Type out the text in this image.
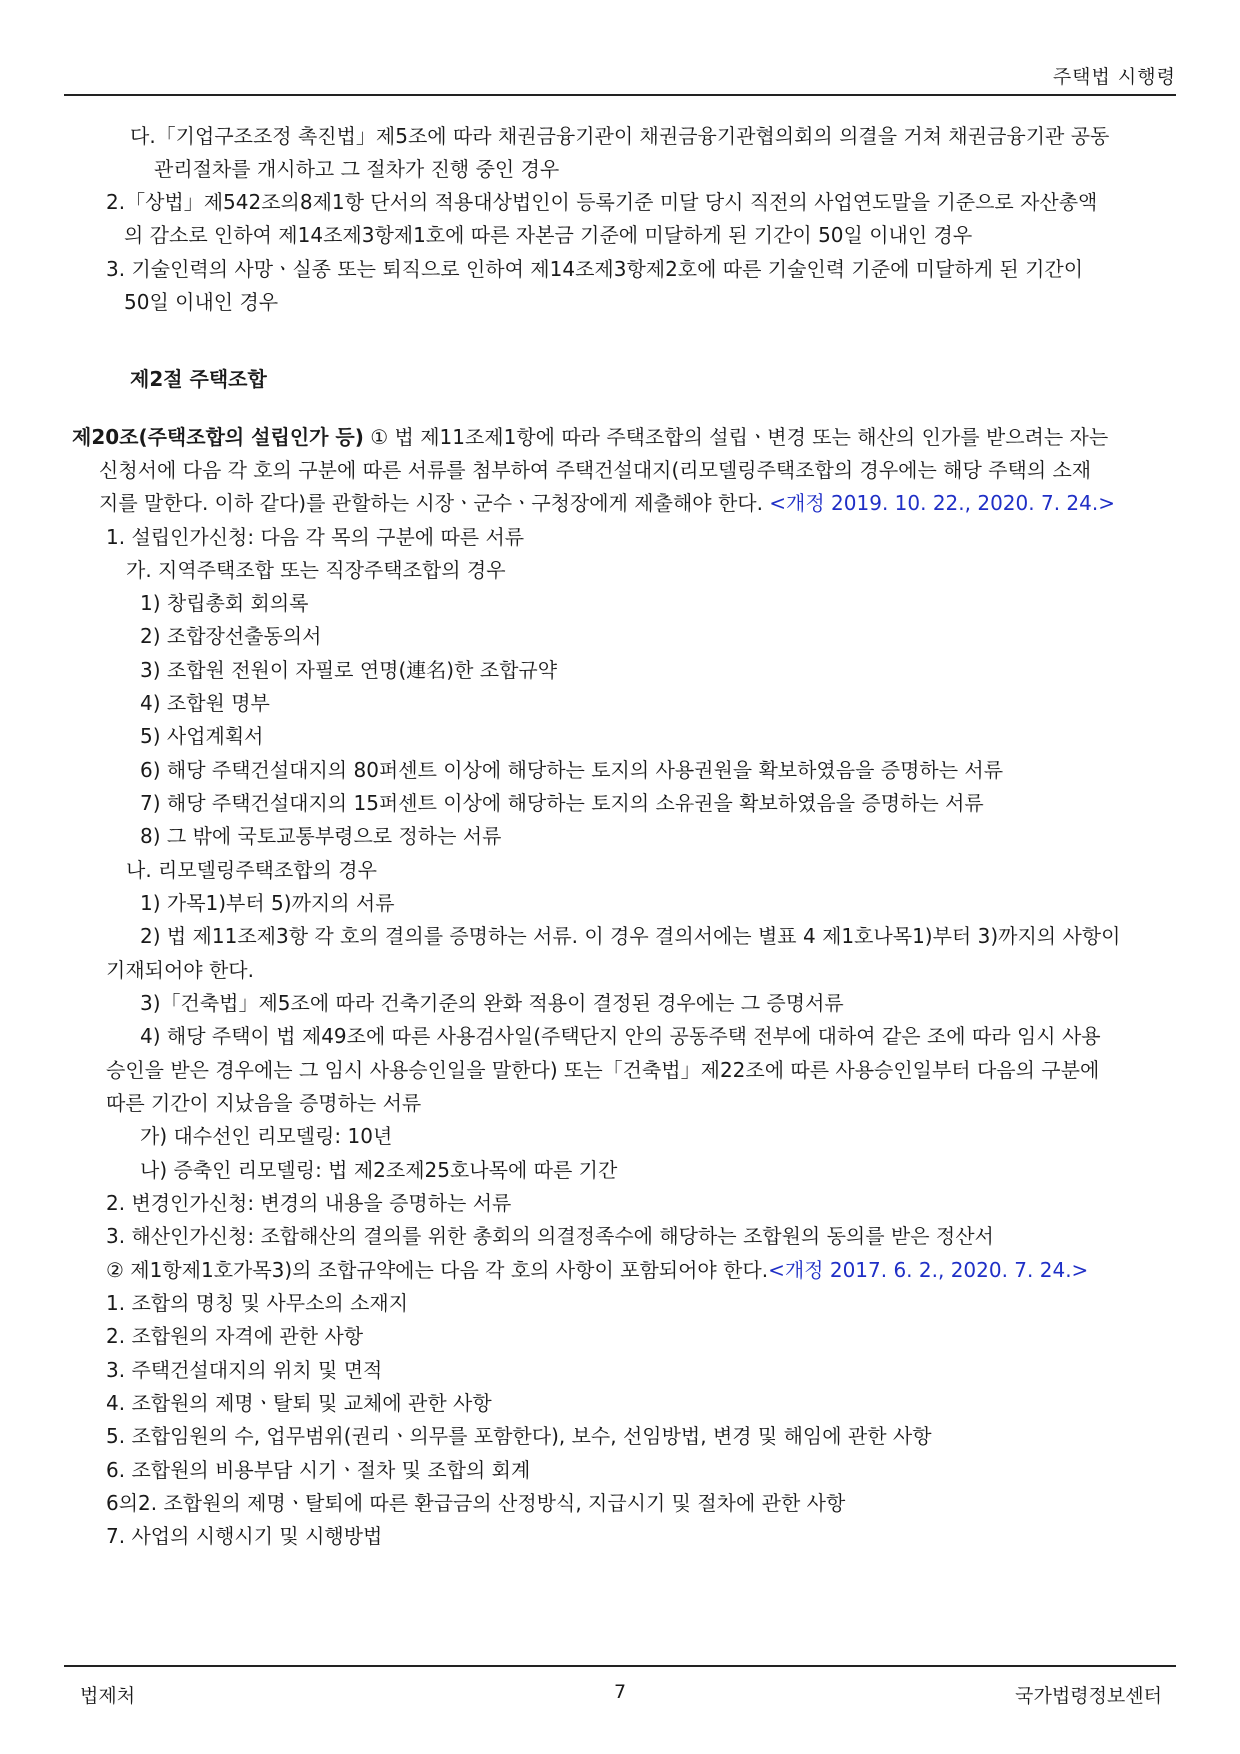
주택법 시행령
다.「기업구조조정 촉진법」제5조에 따라 채권금융기관이 채권금융기관협의회의 의결을 거쳐 채권금융기관 공동
관리절차를 개시하고 그 절차가 진행 중인 경우
2.「상법」제542조의8제1항 단서의 적용대상법인이 등록기준 미달 당시 직전의 사업연도말을 기준으로 자산총액
의 감소로 인하여 제14조제3항제1호에 따른 자본금 기준에 미달하게 된 기간이 50일 이내인 경우
3. 기술인력의 사망ㆍ실종 또는 퇴직으로 인하여 제14조제3항제2호에 따른 기술인력 기준에 미달하게 된 기간이
50일 이내인 경우
제2절 주택조합
제20조(주택조합의 설립인가 등) ① 법 제11조제1항에 따라 주택조합의 설립ㆍ변경 또는 해산의 인가를 받으려는 자는
신청서에 다음 각 호의 구분에 따른 서류를 첨부하여 주택건설대지(리모델링주택조합의 경우에는 해당 주택의 소재
지를 말한다. 이하 같다)를 관할하는 시장ㆍ군수ㆍ구청장에게 제출해야 한다. <개정 2019. 10. 22., 2020. 7. 24.>
1. 설립인가신청: 다음 각 목의 구분에 따른 서류
가. 지역주택조합 또는 직장주택조합의 경우
1) 창립총회 회의록
2) 조합장선출동의서
3) 조합원 전원이 자필로 연명(連名)한 조합규약
4) 조합원 명부
5) 사업계획서
6) 해당 주택건설대지의 80퍼센트 이상에 해당하는 토지의 사용권원을 확보하였음을 증명하는 서류
7) 해당 주택건설대지의 15퍼센트 이상에 해당하는 토지의 소유권을 확보하였음을 증명하는 서류
8) 그 밖에 국토교통부령으로 정하는 서류
나. 리모델링주택조합의 경우
1) 가목1)부터 5)까지의 서류
2) 법 제11조제3항 각 호의 결의를 증명하는 서류. 이 경우 결의서에는 별표 4 제1호나목1)부터 3)까지의 사항이
기재되어야 한다.
3)「건축법」제5조에 따라 건축기준의 완화 적용이 결정된 경우에는 그 증명서류
4) 해당 주택이 법 제49조에 따른 사용검사일(주택단지 안의 공동주택 전부에 대하여 같은 조에 따라 임시 사용
승인을 받은 경우에는 그 임시 사용승인일을 말한다) 또는「건축법」제22조에 따른 사용승인일부터 다음의 구분에
따른 기간이 지났음을 증명하는 서류
가) 대수선인 리모델링: 10년
나) 증축인 리모델링: 법 제2조제25호나목에 따른 기간
2. 변경인가신청: 변경의 내용을 증명하는 서류
3. 해산인가신청: 조합해산의 결의를 위한 총회의 의결정족수에 해당하는 조합원의 동의를 받은 정산서
② 제1항제1호가목3)의 조합규약에는 다음 각 호의 사항이 포함되어야 한다.<개정 2017. 6. 2., 2020. 7. 24.>
1. 조합의 명칭 및 사무소의 소재지
2. 조합원의 자격에 관한 사항
3. 주택건설대지의 위치 및 면적
4. 조합원의 제명ㆍ탈퇴 및 교체에 관한 사항
5. 조합임원의 수, 업무범위(권리ㆍ의무를 포함한다), 보수, 선임방법, 변경 및 해임에 관한 사항
6. 조합원의 비용부담 시기ㆍ절차 및 조합의 회계
6의2. 조합원의 제명ㆍ탈퇴에 따른 환급금의 산정방식, 지급시기 및 절차에 관한 사항
7. 사업의 시행시기 및 시행방법
법제처	7	국가법령정보센터
